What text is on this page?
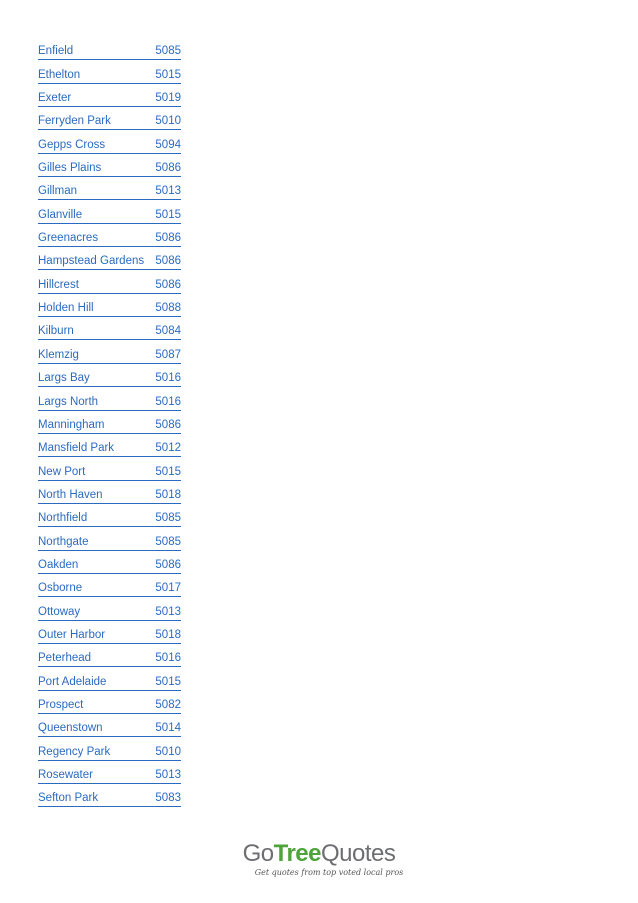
Enfield	5085
Ethelton	5015
Exeter	5019
Ferryden Park	5010
Gepps Cross	5094
Gilles Plains	5086
Gillman	5013
Glanville	5015
Greenacres	5086
Hampstead Gardens 5086
Hillcrest	5086
Holden Hill	5088
Kilburn	5084
Klemzig	5087
Largs Bay	5016
Largs North	5016
Manningham	5086
Mansfield Park	5012
New Port	5015
North Haven	5018
Northfield	5085
Northgate	5085
Oakden	5086
Osborne	5017
Ottoway	5013
Outer Harbor	5018
Peterhead	5016
Port Adelaide	5015
Prospect	5082
Queenstown	5014
Regency Park	5010
Rosewater	5013
Sefton Park	5083
GoTreeQuotes
Get quotes from top voted local pros
